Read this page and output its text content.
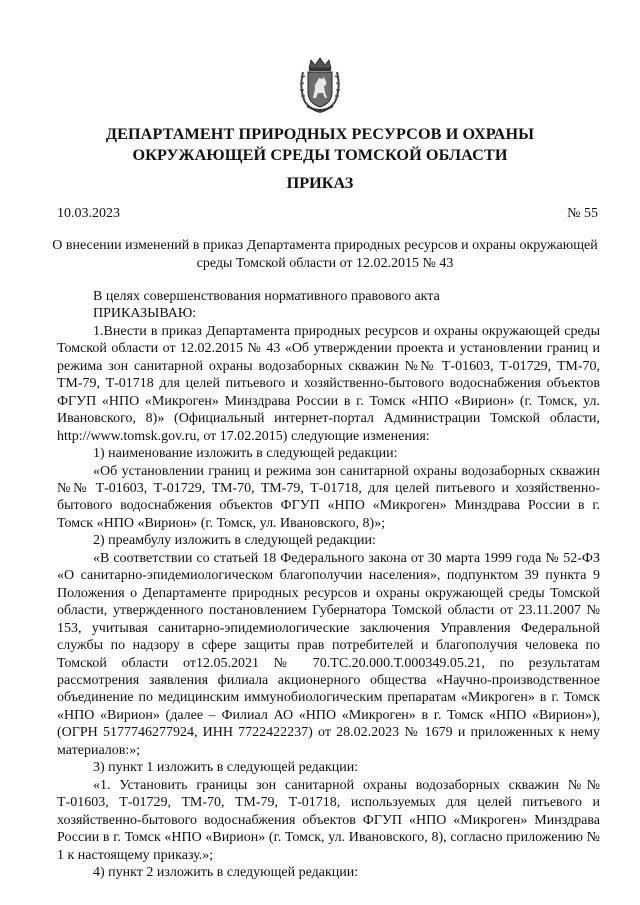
ДЕПАРТАМЕНТ ПРИРОДНЫХ РЕСУРСОВ И ОХРАНЫ

ОКРУЖАЮЩЕЙ СРЕДЫ ТОМСКОЙ ОБЛАСТИ

ПРИКАЗ

10.03.2023	№ 55
О внесении изменений в приказ Департамента природных ресурсов и охраны окружающей среды Томской области от 12.02.2015 № 43

В целях совершенствования нормативного правового акта

ПРИКАЗЫВАЮ:

1.Внести в приказ Департамента природных ресурсов и охраны окружающей среды Томской области от 12.02.2015 № 43 «Об утверждении проекта и установлении границ и режима зон санитарной охраны водозаборных скважин №№ Т-01603, Т-01729, ТМ-70, ТМ-79, Т-01718 для целей питьевого и хозяйственно-бытового водоснабжения объектов ФГУП «НПО «Микроген» Минздрава России в г. Томск «НПО «Вирион» (г. Томск, ул. Ивановского, 8)» (Официальный интернет-портал Администрации Томской области, http://www.tomsk.gov.ru, от 17.02.2015) следующие изменения:

1) наименование изложить в следующей редакции:

«Об установлении границ и режима зон санитарной охраны водозаборных скважин №№ Т-01603, Т-01729, ТМ-70, ТМ-79, Т-01718, для целей питьевого и хозяйственно-бытового водоснабжения объектов ФГУП «НПО «Микроген» Минздрава России в г. Томск «НПО «Вирион» (г. Томск, ул. Ивановского, 8)»;

2) преамбулу изложить в следующей редакции:

«В соответствии со статьей 18 Федерального закона от 30 марта 1999 года № 52-ФЗ «О санитарно-эпидемиологическом благополучии населения», подпунктом 39 пункта 9 Положения о Департаменте природных ресурсов и охраны окружающей среды Томской области, утвержденного постановлением Губернатора Томской области от 23.11.2007 № 153, учитывая санитарно-эпидемиологические заключения Управления Федеральной службы по надзору в сфере защиты прав потребителей и благополучия человека по Томской области от12.05.2021 № 70.ТС.20.000.Т.000349.05.21, по результатам рассмотрения заявления филиала акционерного общества «Научно-производственное объединение по медицинским иммунобиологическим препаратам «Микроген» в г. Томск «НПО «Вирион» (далее – Филиал АО «НПО «Микроген» в г. Томск «НПО «Вирион»), (ОГРН 5177746277924, ИНН 7722422237) от 28.02.2023 № 1679 и приложенных к нему материалов:»;

3) пункт 1 изложить в следующей редакции:

«1. Установить границы зон санитарной охраны водозаборных скважин №№ Т-01603, Т-01729, ТМ-70, ТМ-79, Т-01718, используемых для целей питьевого и хозяйственно-бытового водоснабжения объектов ФГУП «НПО «Микроген» Минздрава России в г. Томск «НПО «Вирион» (г. Томск, ул. Ивановского, 8), согласно приложению № 1 к настоящему приказу.»;

4) пункт 2 изложить в следующей редакции:
